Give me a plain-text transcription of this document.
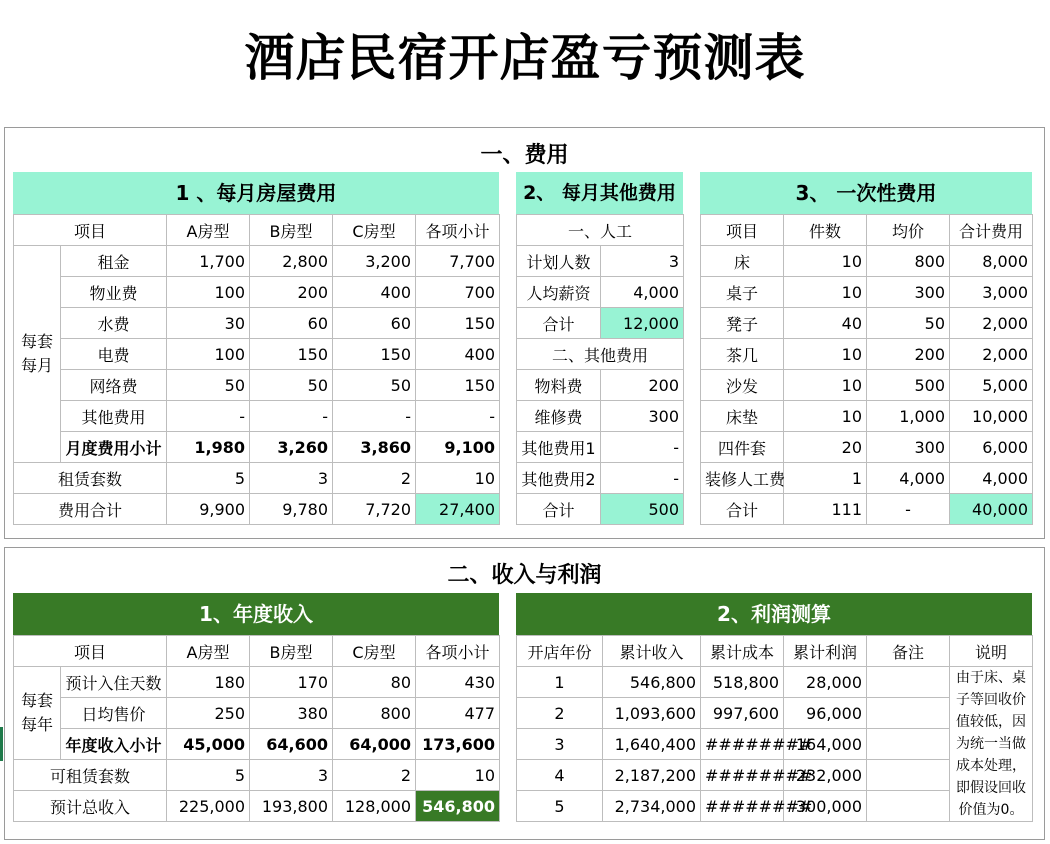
酒店民宿开店盈亏预测表
一、费用
1 、每月房屋费用
项目		A房型	B房型	C房型	各项小计
每套
每月	租金	1,700	2,800	3,200	7,700
	物业费	100	200	400	700
	水费	30	60	60	150
	电费	100	150	150	400
	网络费	50	50	50	150
	其他费用	-	-	-	-
	月度费用小计	1,980	3,260	3,860	9,100
租赁套数		5	3	2	10
费用合计		9,900	9,780	7,720	27,400
2、 每月其他费用
一、人工	
计划人数	3
人均薪资	4,000
合计	12,000
二、其他费用	
物料费	200
维修费	300
其他费用1	-
其他费用2	-
合计	500
3、 一次性费用
项目	件数	均价	合计费用
床	10	800	8,000
桌子	10	300	3,000
凳子	40	50	2,000
茶几	10	200	2,000
沙发	10	500	5,000
床垫	10	1,000	10,000
四件套	20	300	6,000
装修人工费	1	4,000	4,000
合计	111	-	40,000
二、收入与利润
1、年度收入
项目		A房型	B房型	C房型	各项小计
每套
每年	预计入住天数	180	170	80	430
	日均售价	250	380	800	477
	年度收入小计	45,000	64,600	64,000	173,600
可租赁套数		5	3	2	10
预计总收入		225,000	193,800	128,000	546,800
2、利润测算
开店年份	累计收入	累计成本	累计利润	备注	说明
1	546,800	518,800	28,000		由于床、桌子等回收价值较低，因为统一当做成本处理，即假设回收价值为0。
2	1,093,600	997,600	96,000		
3	1,640,400	########	164,000		
4	2,187,200	########	232,000		
5	2,734,000	########	300,000		
